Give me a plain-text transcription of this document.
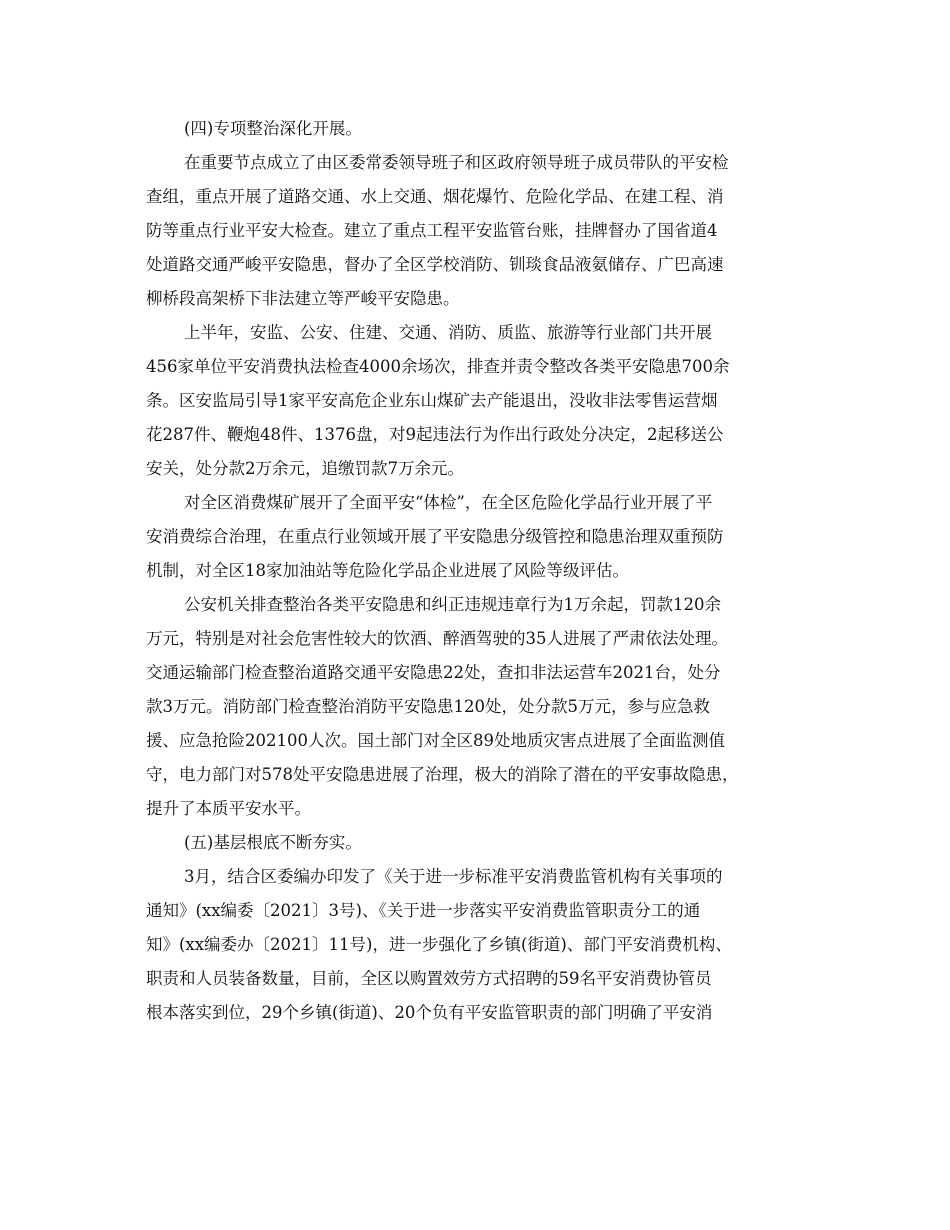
(四)专项整治深化开展。
在重要节点成立了由区委常委领导班子和区政府领导班子成员带队的平安检
查组，重点开展了道路交通、水上交通、烟花爆竹、危险化学品、在建工程、消
防等重点行业平安大检查。建立了重点工程平安监管台账，挂牌督办了国省道4
处道路交通严峻平安隐患，督办了全区学校消防、钏琰食品液氨储存、广巴高速
柳桥段高架桥下非法建立等严峻平安隐患。
上半年，安监、公安、住建、交通、消防、质监、旅游等行业部门共开展
456家单位平安消费执法检查4000余场次，排查并责令整改各类平安隐患700余
条。区安监局引导1家平安高危企业东山煤矿去产能退出，没收非法零售运营烟
花287件、鞭炮48件、1376盘，对9起违法行为作出行政处分决定，2起移送公
安关，处分款2万余元，追缴罚款7万余元。
对全区消费煤矿展开了全面平安“体检”，在全区危险化学品行业开展了平
安消费综合治理，在重点行业领域开展了平安隐患分级管控和隐患治理双重预防
机制，对全区18家加油站等危险化学品企业进展了风险等级评估。
公安机关排查整治各类平安隐患和纠正违规违章行为1万余起，罚款120余
万元，特别是对社会危害性较大的饮酒、醉酒驾驶的35人进展了严肃依法处理。
交通运输部门检查整治道路交通平安隐患22处，查扣非法运营车2021台，处分
款3万元。消防部门检查整治消防平安隐患120处，处分款5万元，参与应急救
援、应急抢险202100人次。国土部门对全区89处地质灾害点进展了全面监测值
守，电力部门对578处平安隐患进展了治理，极大的消除了潜在的平安事故隐患，
提升了本质平安水平。
(五)基层根底不断夯实。
3月，结合区委编办印发了《关于进一步标准平安消费监管机构有关事项的
通知》(xx编委〔2021〕3号)、《关于进一步落实平安消费监管职责分工的通
知》(xx编委办〔2021〕11号)，进一步强化了乡镇(街道)、部门平安消费机构、
职责和人员装备数量，目前，全区以购置效劳方式招聘的59名平安消费协管员
根本落实到位，29个乡镇(街道)、20个负有平安监管职责的部门明确了平安消
